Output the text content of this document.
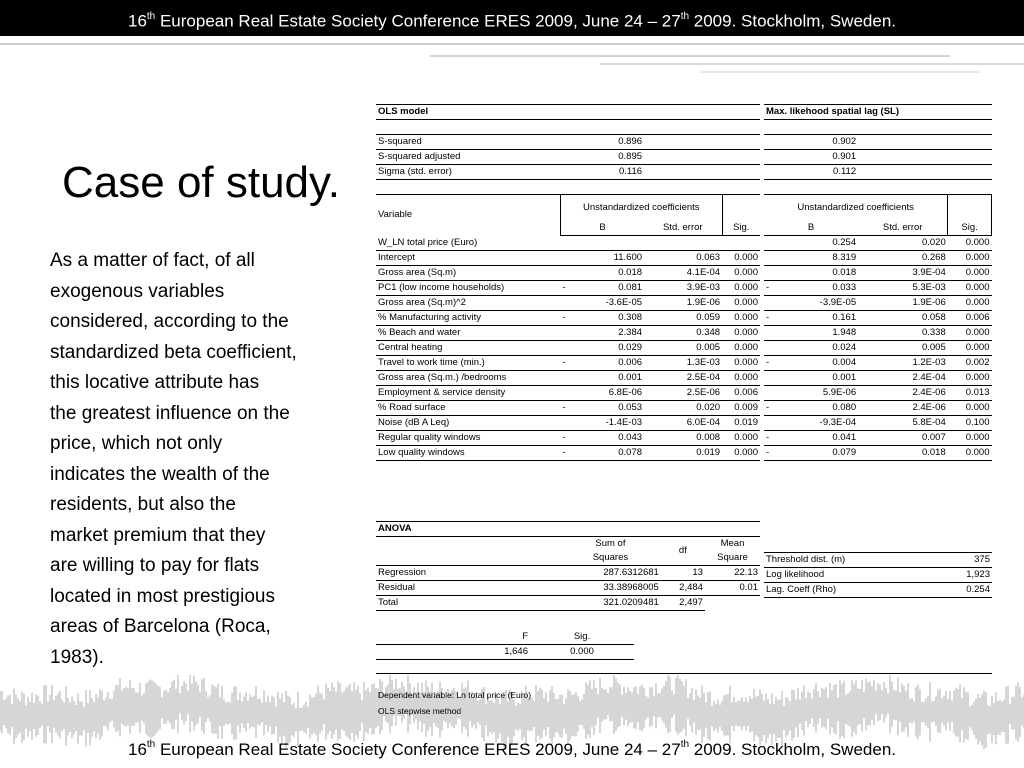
16th European Real Estate Society Conference ERES 2009, June 24 – 27th 2009. Stockholm, Sweden.
Case of study.

As a matter of fact, of all
exogenous variables
considered, according to the
standardized beta coefficient,
this locative attribute has
the greatest influence on the
price, which not only
indicates the wealth of the
residents, but also the
market premium that they
are willing to pay for flats
located in most prestigious
areas of Barcelona (Roca,
1983).

OLS model				

S-squared		0.896		
S-squared adjusted		0.895		
Sigma (std. error)		0.116		

Variable	Unstandardized coefficients			
	B		Std. error	Sig.
W_LN total price (Euro)				
Intercept		11.600	0.063	0.000
Gross area (Sq.m)		0.018	4.1E-04	0.000
PC1 (low income households)	-	0.081	3.9E-03	0.000
Gross area (Sq.m)^2		-3.6E-05	1.9E-06	0.000
% Manufacturing activity	-	0.308	0.059	0.000
% Beach and water		2.384	0.348	0.000
Central heating		0.029	0.005	0.000
Travel to work time (min.)	-	0.006	1.3E-03	0.000
Gross area (Sq.m.) /bedrooms		0.001	2.5E-04	0.000
Employment & service density		6.8E-06	2.5E-06	0.006
% Road surface	-	0.053	0.020	0.009
Noise (dB A Leq)		-1.4E-03	6.0E-04	0.019
Regular quality windows	-	0.043	0.008	0.000
Low quality windows	-	0.078	0.019	0.000
Max. likehood spatial lag (SL)			

	0.902		
	0.901		
	0.112		

Unstandardized coefficients			
B		Std. error	Sig.
	0.254	0.020	0.000
	8.319	0.268	0.000
	0.018	3.9E-04	0.000
-	0.033	5.3E-03	0.000
	-3.9E-05	1.9E-06	0.000
-	0.161	0.058	0.006
	1.948	0.338	0.000
	0.024	0.005	0.000
-	0.004	1.2E-03	0.002
	0.001	2.4E-04	0.000
	5.9E-06	2.4E-06	0.013
-	0.080	2.4E-06	0.000
	-9.3E-04	5.8E-04	0.100
-	0.041	0.007	0.000
-	0.079	0.018	0.000
ANOVA				
	Sum of		df	Mean
	Squares			Square
Regression		287.6312681	13	22.13
Residual		33.38968005	2,484	0.01
Total		321.0209481	2,497	
F	Sig.
1,646	0.000

Threshold dist. (m)	375
Log likelihood	1,923
Lag. Coeff (Rho)	0.254
Dependent variable: Ln total price (Euro)
OLS stepwise method
16th European Real Estate Society Conference ERES 2009, June 24 – 27th 2009. Stockholm, Sweden.
